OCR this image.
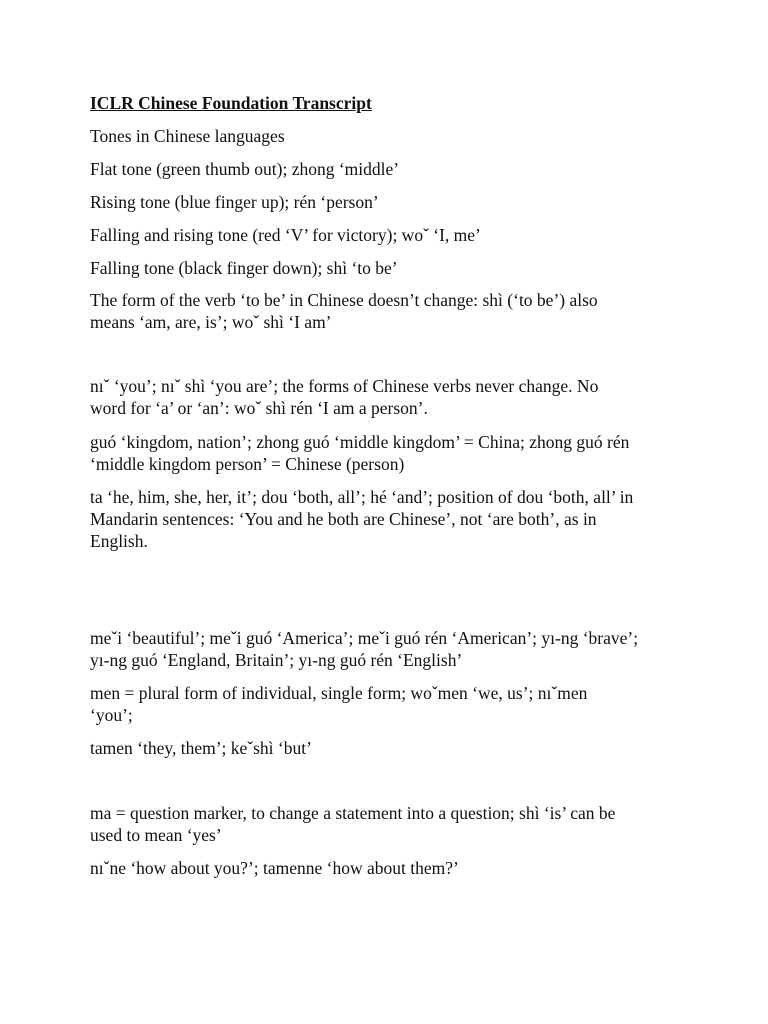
ICLR Chinese Foundation Transcript

Tones in Chinese languages

Flat tone (green thumb out); zhong ‘middle’

Rising tone (blue finger up); rén ‘person’

Falling and rising tone (red ‘V’ for victory); woˇ ‘I, me’

Falling tone (black finger down); shì ‘to be’

The form of the verb ‘to be’ in Chinese doesn’t change: shì (‘to be’) also
means ‘am, are, is’; woˇ shì ‘I am’

nıˇ ‘you’; nıˇ shì ‘you are’; the forms of Chinese verbs never change. No
word for ‘a’ or ‘an’: woˇ shì rén ‘I am a person’.

guó ‘kingdom, nation’; zhong guó ‘middle kingdom’ = China; zhong guó rén
‘middle kingdom person’ = Chinese (person)

ta ‘he, him, she, her, it’; dou ‘both, all’; hé ‘and’; position of dou ‘both, all’ in
Mandarin sentences: ‘You and he both are Chinese’, not ‘are both’, as in
English.

meˇi ‘beautiful’; meˇi guó ‘America’; meˇi guó rén ‘American’; yı-ng ‘brave’;
yı-ng guó ‘England, Britain’; yı-ng guó rén ‘English’

men = plural form of individual, single form; woˇmen ‘we, us’; nıˇmen
‘you’;

tamen ‘they, them’; keˇshì ‘but’

ma = question marker, to change a statement into a question; shì ‘is’ can be
used to mean ‘yes’

nıˇne ‘how about you?’; tamenne ‘how about them?’
